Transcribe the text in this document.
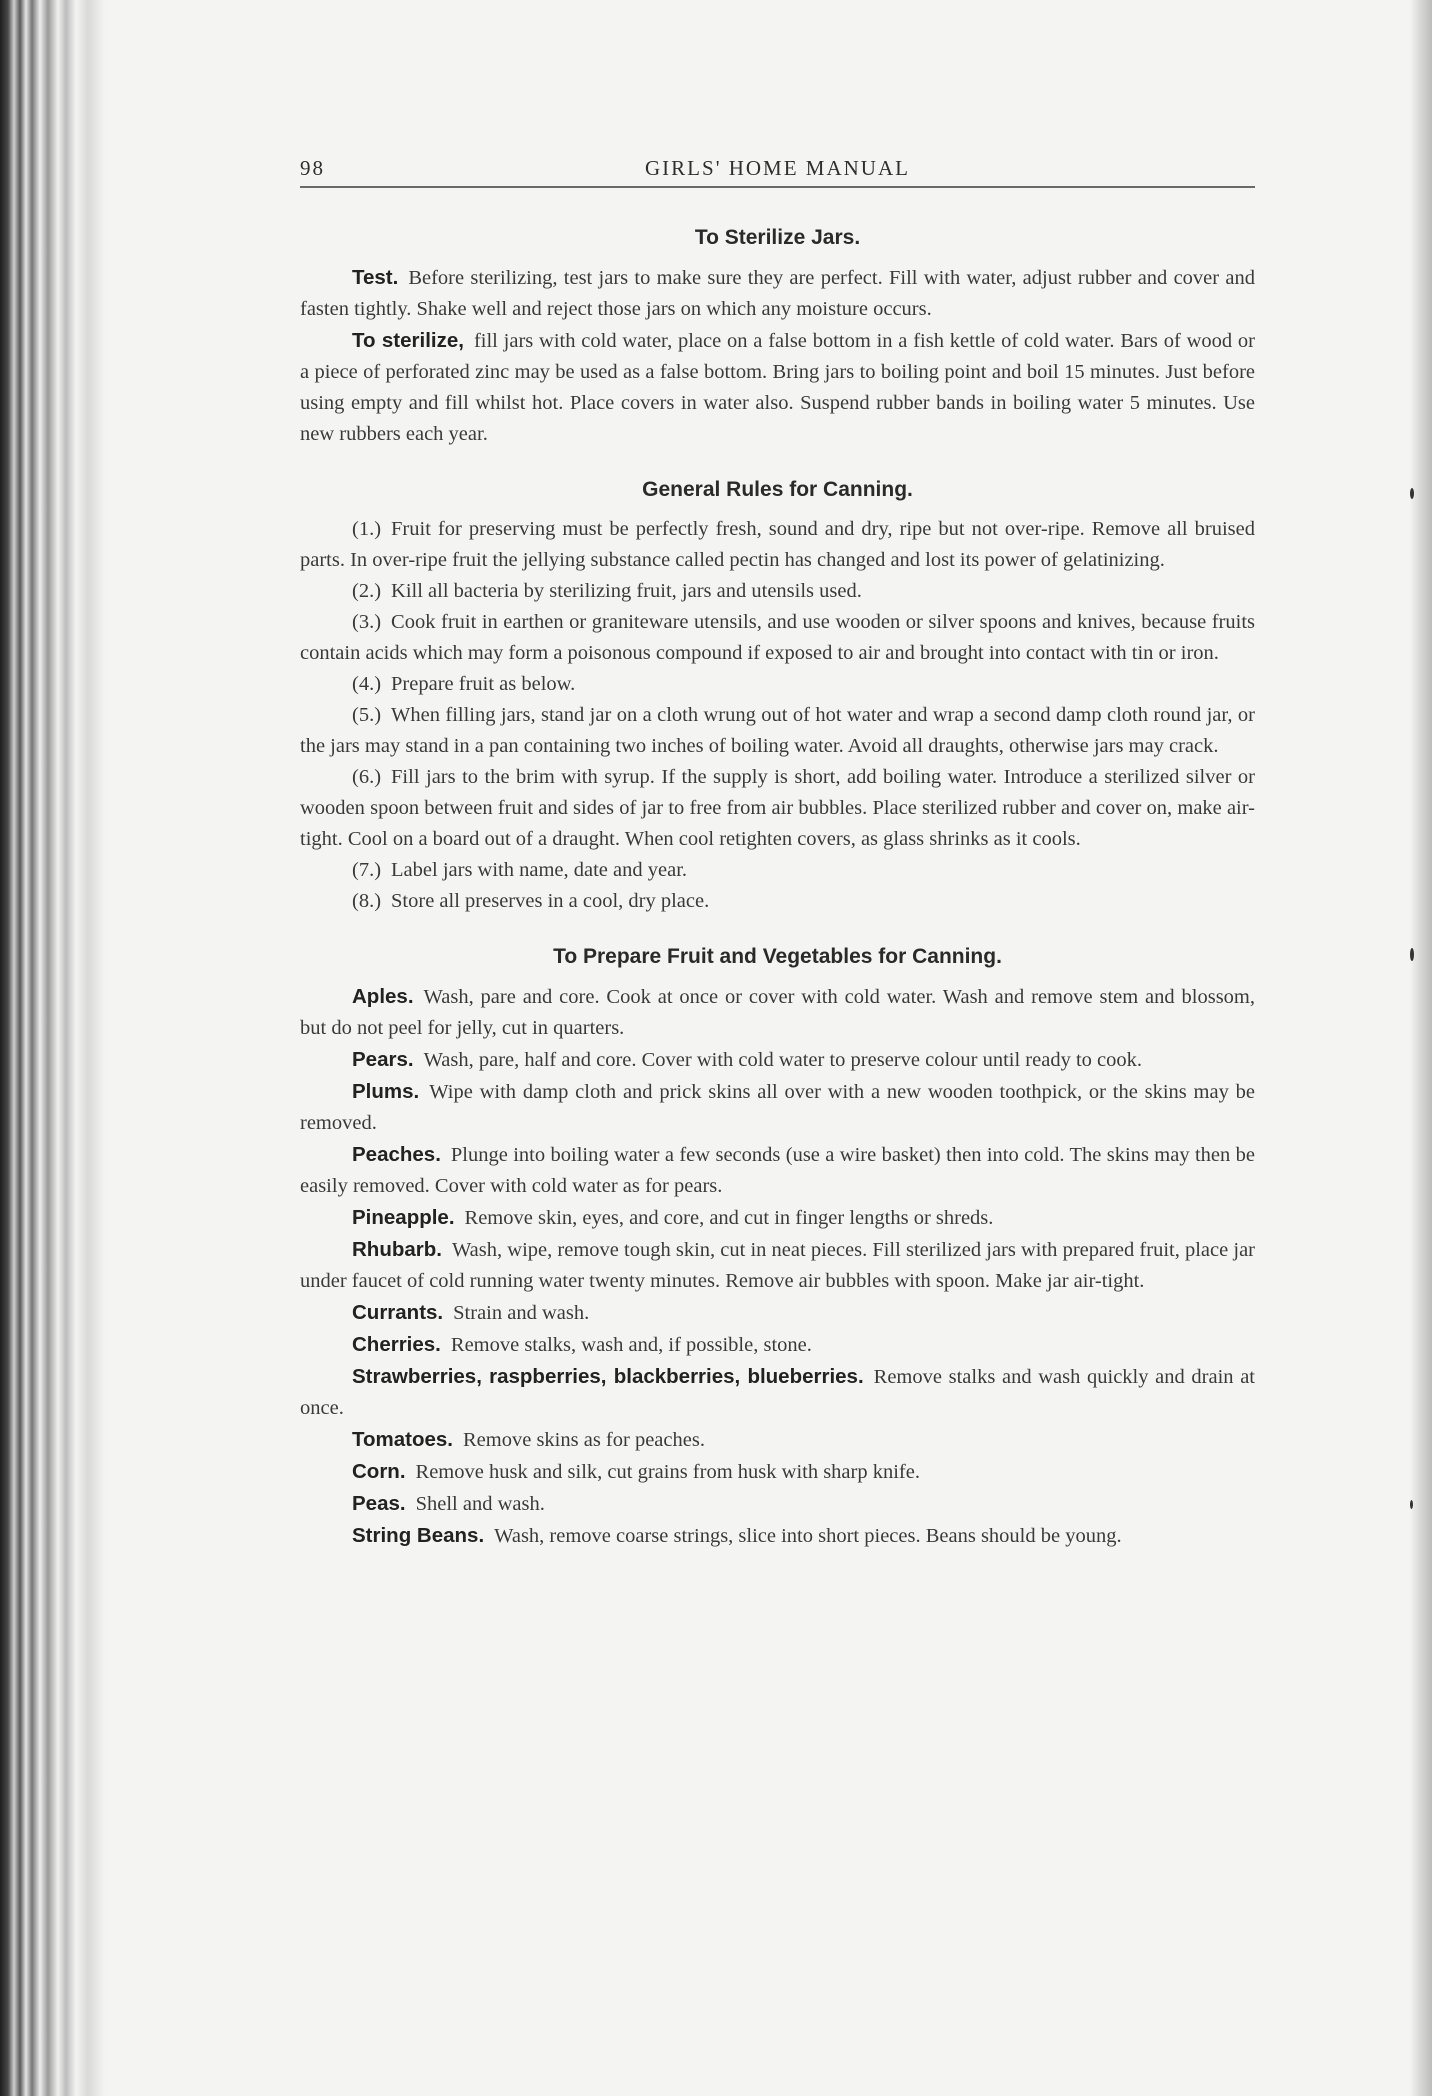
98	GIRLS' HOME MANUAL
To Sterilize Jars.

Test. Before sterilizing, test jars to make sure they are perfect. Fill with water, adjust rubber and cover and fasten tightly. Shake well and reject those jars on which any moisture occurs.

To sterilize, fill jars with cold water, place on a false bottom in a fish kettle of cold water. Bars of wood or a piece of perforated zinc may be used as a false bottom. Bring jars to boiling point and boil 15 minutes. Just before using empty and fill whilst hot. Place covers in water also. Suspend rubber bands in boiling water 5 minutes. Use new rubbers each year.

General Rules for Canning.

(1.) Fruit for preserving must be perfectly fresh, sound and dry, ripe but not over-ripe. Remove all bruised parts. In over-ripe fruit the jellying substance called pectin has changed and lost its power of gelatinizing.

(2.) Kill all bacteria by sterilizing fruit, jars and utensils used.

(3.) Cook fruit in earthen or graniteware utensils, and use wooden or silver spoons and knives, because fruits contain acids which may form a poisonous compound if exposed to air and brought into contact with tin or iron.

(4.) Prepare fruit as below.

(5.) When filling jars, stand jar on a cloth wrung out of hot water and wrap a second damp cloth round jar, or the jars may stand in a pan containing two inches of boiling water. Avoid all draughts, otherwise jars may crack.

(6.) Fill jars to the brim with syrup. If the supply is short, add boiling water. Introduce a sterilized silver or wooden spoon between fruit and sides of jar to free from air bubbles. Place sterilized rubber and cover on, make air-tight. Cool on a board out of a draught. When cool retighten covers, as glass shrinks as it cools.

(7.) Label jars with name, date and year.

(8.) Store all preserves in a cool, dry place.

To Prepare Fruit and Vegetables for Canning.

Aples. Wash, pare and core. Cook at once or cover with cold water. Wash and remove stem and blossom, but do not peel for jelly, cut in quarters.

Pears. Wash, pare, half and core. Cover with cold water to preserve colour until ready to cook.

Plums. Wipe with damp cloth and prick skins all over with a new wooden toothpick, or the skins may be removed.

Peaches. Plunge into boiling water a few seconds (use a wire basket) then into cold. The skins may then be easily removed. Cover with cold water as for pears.

Pineapple. Remove skin, eyes, and core, and cut in finger lengths or shreds.

Rhubarb. Wash, wipe, remove tough skin, cut in neat pieces. Fill sterilized jars with prepared fruit, place jar under faucet of cold running water twenty minutes. Remove air bubbles with spoon. Make jar air-tight.

Currants. Strain and wash.

Cherries. Remove stalks, wash and, if possible, stone.

Strawberries, raspberries, blackberries, blueberries. Remove stalks and wash quickly and drain at once.

Tomatoes. Remove skins as for peaches.

Corn. Remove husk and silk, cut grains from husk with sharp knife.

Peas. Shell and wash.

String Beans. Wash, remove coarse strings, slice into short pieces. Beans should be young.
